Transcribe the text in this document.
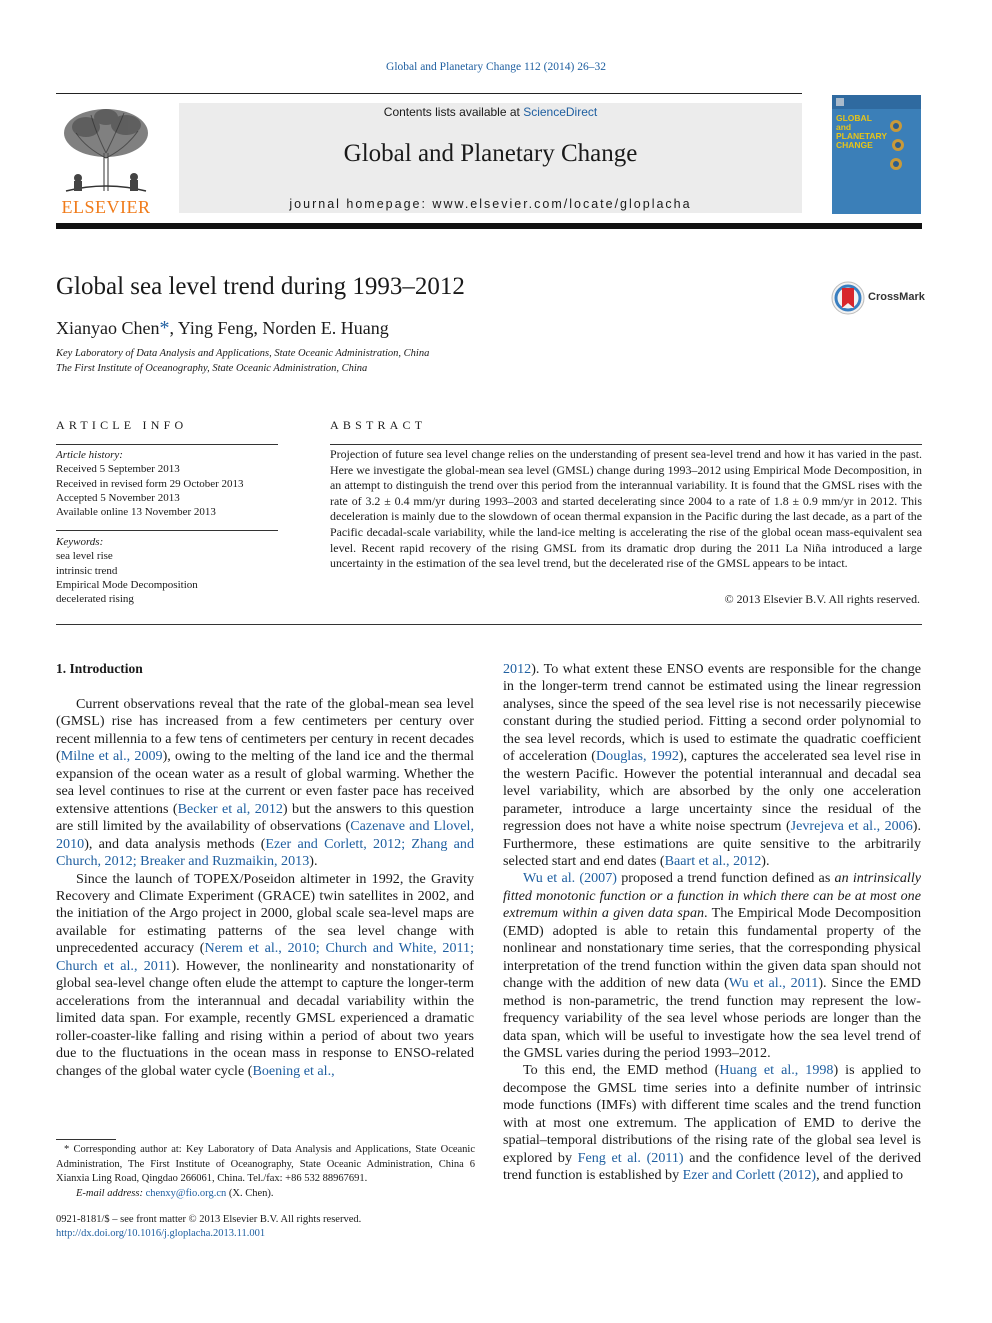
Global and Planetary Change 112 (2014) 26–32
ELSEVIER
Contents lists available at ScienceDirect
Global and Planetary Change
journal homepage: www.elsevier.com/locate/gloplacha
GLOBAL and PLANETARY CHANGE
Global sea level trend during 1993–2012	CrossMark
Xianyao Chen*, Ying Feng, Norden E. Huang
Key Laboratory of Data Analysis and Applications, State Oceanic Administration, China
The First Institute of Oceanography, State Oceanic Administration, China
ARTICLE INFO
Article history:
Received 5 September 2013
Received in revised form 29 October 2013
Accepted 5 November 2013
Available online 13 November 2013
Keywords:
sea level rise
intrinsic trend
Empirical Mode Decomposition
decelerated rising
ABSTRACT

Projection of future sea level change relies on the understanding of present sea-level trend and how it has varied in the past. Here we investigate the global-mean sea level (GMSL) change during 1993–2012 using Empirical Mode Decomposition, in an attempt to distinguish the trend over this period from the interannual variability. It is found that the GMSL rises with the rate of 3.2 ± 0.4 mm/yr during 1993–2003 and started decelerating since 2004 to a rate of 1.8 ± 0.9 mm/yr in 2012. This deceleration is mainly due to the slowdown of ocean thermal expansion in the Pacific during the last decade, as a part of the Pacific decadal-scale variability, while the land-ice melting is accelerating the rise of the global ocean mass-equivalent sea level. Recent rapid recovery of the rising GMSL from its dramatic drop during the 2011 La Niña introduced a large uncertainty in the estimation of the sea level trend, but the decelerated rise of the GMSL appears to be intact.

© 2013 Elsevier B.V. All rights reserved.
1. Introduction

Current observations reveal that the rate of the global-mean sea level (GMSL) rise has increased from a few centimeters per century over recent millennia to a few tens of centimeters per century in recent decades (Milne et al., 2009), owing to the melting of the land ice and the thermal expansion of the ocean water as a result of global warming. Whether the sea level continues to rise at the current or even faster pace has received extensive attentions (Becker et al, 2012) but the answers to this question are still limited by the availability of observations (Cazenave and Llovel, 2010), and data analysis methods (Ezer and Corlett, 2012; Zhang and Church, 2012; Breaker and Ruzmaikin, 2013).

Since the launch of TOPEX/Poseidon altimeter in 1992, the Gravity Recovery and Climate Experiment (GRACE) twin satellites in 2002, and the initiation of the Argo project in 2000, global scale sea-level maps are available for estimating patterns of the sea level change with unprecedented accuracy (Nerem et al., 2010; Church and White, 2011; Church et al., 2011). However, the nonlinearity and nonstationarity of global sea-level change often elude the attempt to capture the longer-term accelerations from the interannual and decadal variability within the limited data span. For example, recently GMSL experienced a dramatic roller-coaster-like falling and rising within a period of about two years due to the fluctuations in the ocean mass in response to ENSO-related changes of the global water cycle (Boening et al.,

2012). To what extent these ENSO events are responsible for the change in the longer-term trend cannot be estimated using the linear regression analyses, since the speed of the sea level rise is not necessarily piecewise constant during the studied period. Fitting a second order polynomial to the sea level records, which is used to estimate the quadratic coefficient of acceleration (Douglas, 1992), captures the accelerated sea level rise in the western Pacific. However the potential interannual and decadal sea level variability, which are absorbed by the only one acceleration parameter, introduce a large uncertainty since the residual of the regression does not have a white noise spectrum (Jevrejeva et al., 2006). Furthermore, these estimations are quite sensitive to the arbitrarily selected start and end dates (Baart et al., 2012).

Wu et al. (2007) proposed a trend function defined as an intrinsically fitted monotonic function or a function in which there can be at most one extremum within a given data span. The Empirical Mode Decomposition (EMD) adopted is able to retain this fundamental property of the nonlinear and nonstationary time series, that the corresponding physical interpretation of the trend function within the given data span should not change with the addition of new data (Wu et al., 2011). Since the EMD method is non-parametric, the trend function may represent the low-frequency variability of the sea level whose periods are longer than the data span, which will be useful to investigate how the sea level trend of the GMSL varies during the period 1993–2012.

To this end, the EMD method (Huang et al., 1998) is applied to decompose the GMSL time series into a definite number of intrinsic mode functions (IMFs) with different time scales and the trend function with at most one extremum. The application of EMD to derive the spatial–temporal distributions of the rising rate of the global sea level is explored by Feng et al. (2011) and the confidence level of the derived trend function is established by Ezer and Corlett (2012), and applied to

* Corresponding author at: Key Laboratory of Data Analysis and Applications, State Oceanic Administration, The First Institute of Oceanography, State Oceanic Administration, China 6 Xianxia Ling Road, Qingdao 266061, China. Tel./fax: +86 532 88967691.

E-mail address: chenxy@fio.org.cn (X. Chen).

0921-8181/$ – see front matter © 2013 Elsevier B.V. All rights reserved.
http://dx.doi.org/10.1016/j.gloplacha.2013.11.001
